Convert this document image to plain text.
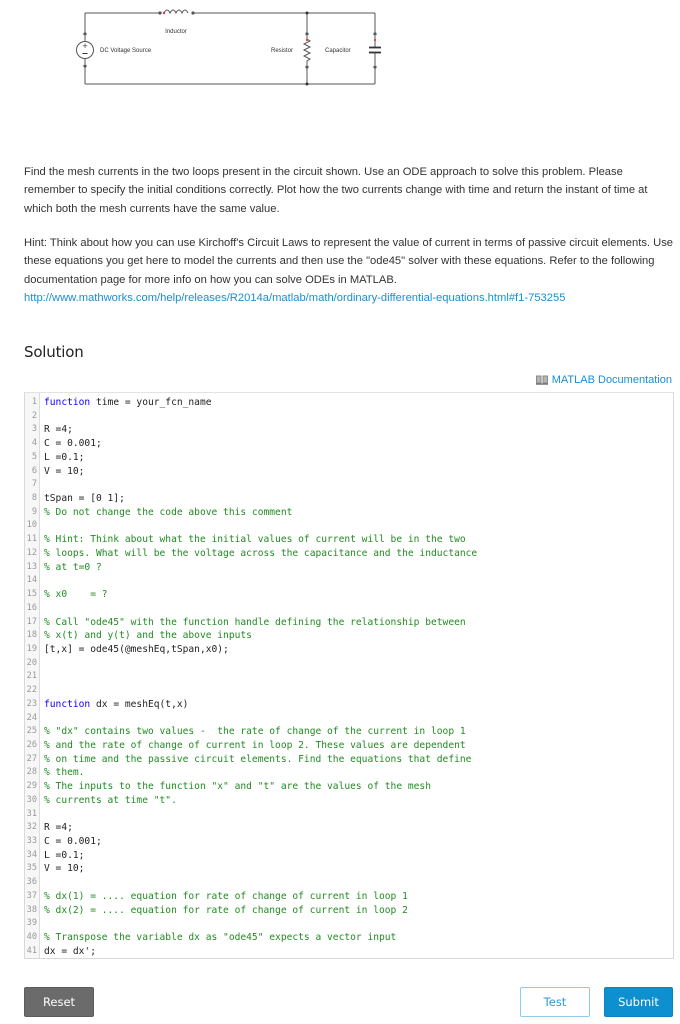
+
Inductor
DC Voltage Source	Resistor	Capacitor
Find the mesh currents in the two loops present in the circuit shown. Use an ODE approach to solve this problem. Please remember to specify the initial conditions correctly. Plot how the two currents change with time and return the instant of time at which both the mesh currents have the same value.
Hint: Think about how you can use Kirchoff's Circuit Laws to represent the value of current in terms of passive circuit elements. Use these equations you get here to model the currents and then use the "ode45" solver with these equations. Refer to the following documentation page for more info on how you can solve ODEs in MATLAB.
http://www.mathworks.com/help/releases/R2014a/matlab/math/ordinary-differential-equations.html#f1-753255
Solution
MATLAB Documentation
1 function time = your_fcn_name
2
3 R =4;
4 C = 0.001;
5 L =0.1;
6 V = 10;
7
8 tSpan = [0 1];
9 % Do not change the code above this comment
10
11 % Hint: Think about what the initial values of current will be in the two
12 % loops. What will be the voltage across the capacitance and the inductance
13 % at t=0 ?
14
15 % x0    = ?
16
17 % Call "ode45" with the function handle defining the relationship between
18 % x(t) and y(t) and the above inputs
19 [t,x] = ode45(@meshEq,tSpan,x0);
20
21
22
23 function dx = meshEq(t,x)
24
25 % "dx" contains two values -  the rate of change of the current in loop 1
26 % and the rate of change of current in loop 2. These values are dependent
27 % on time and the passive circuit elements. Find the equations that define
28 % them.
29 % The inputs to the function "x" and "t" are the values of the mesh
30 % currents at time "t".
31
32 R =4;
33 C = 0.001;
34 L =0.1;
35 V = 10;
36
37 % dx(1) = .... equation for rate of change of current in loop 1
38 % dx(2) = .... equation for rate of change of current in loop 2
39
40 % Transpose the variable dx as "ode45" expects a vector input
41 dx = dx';
Reset	Test	Submit
